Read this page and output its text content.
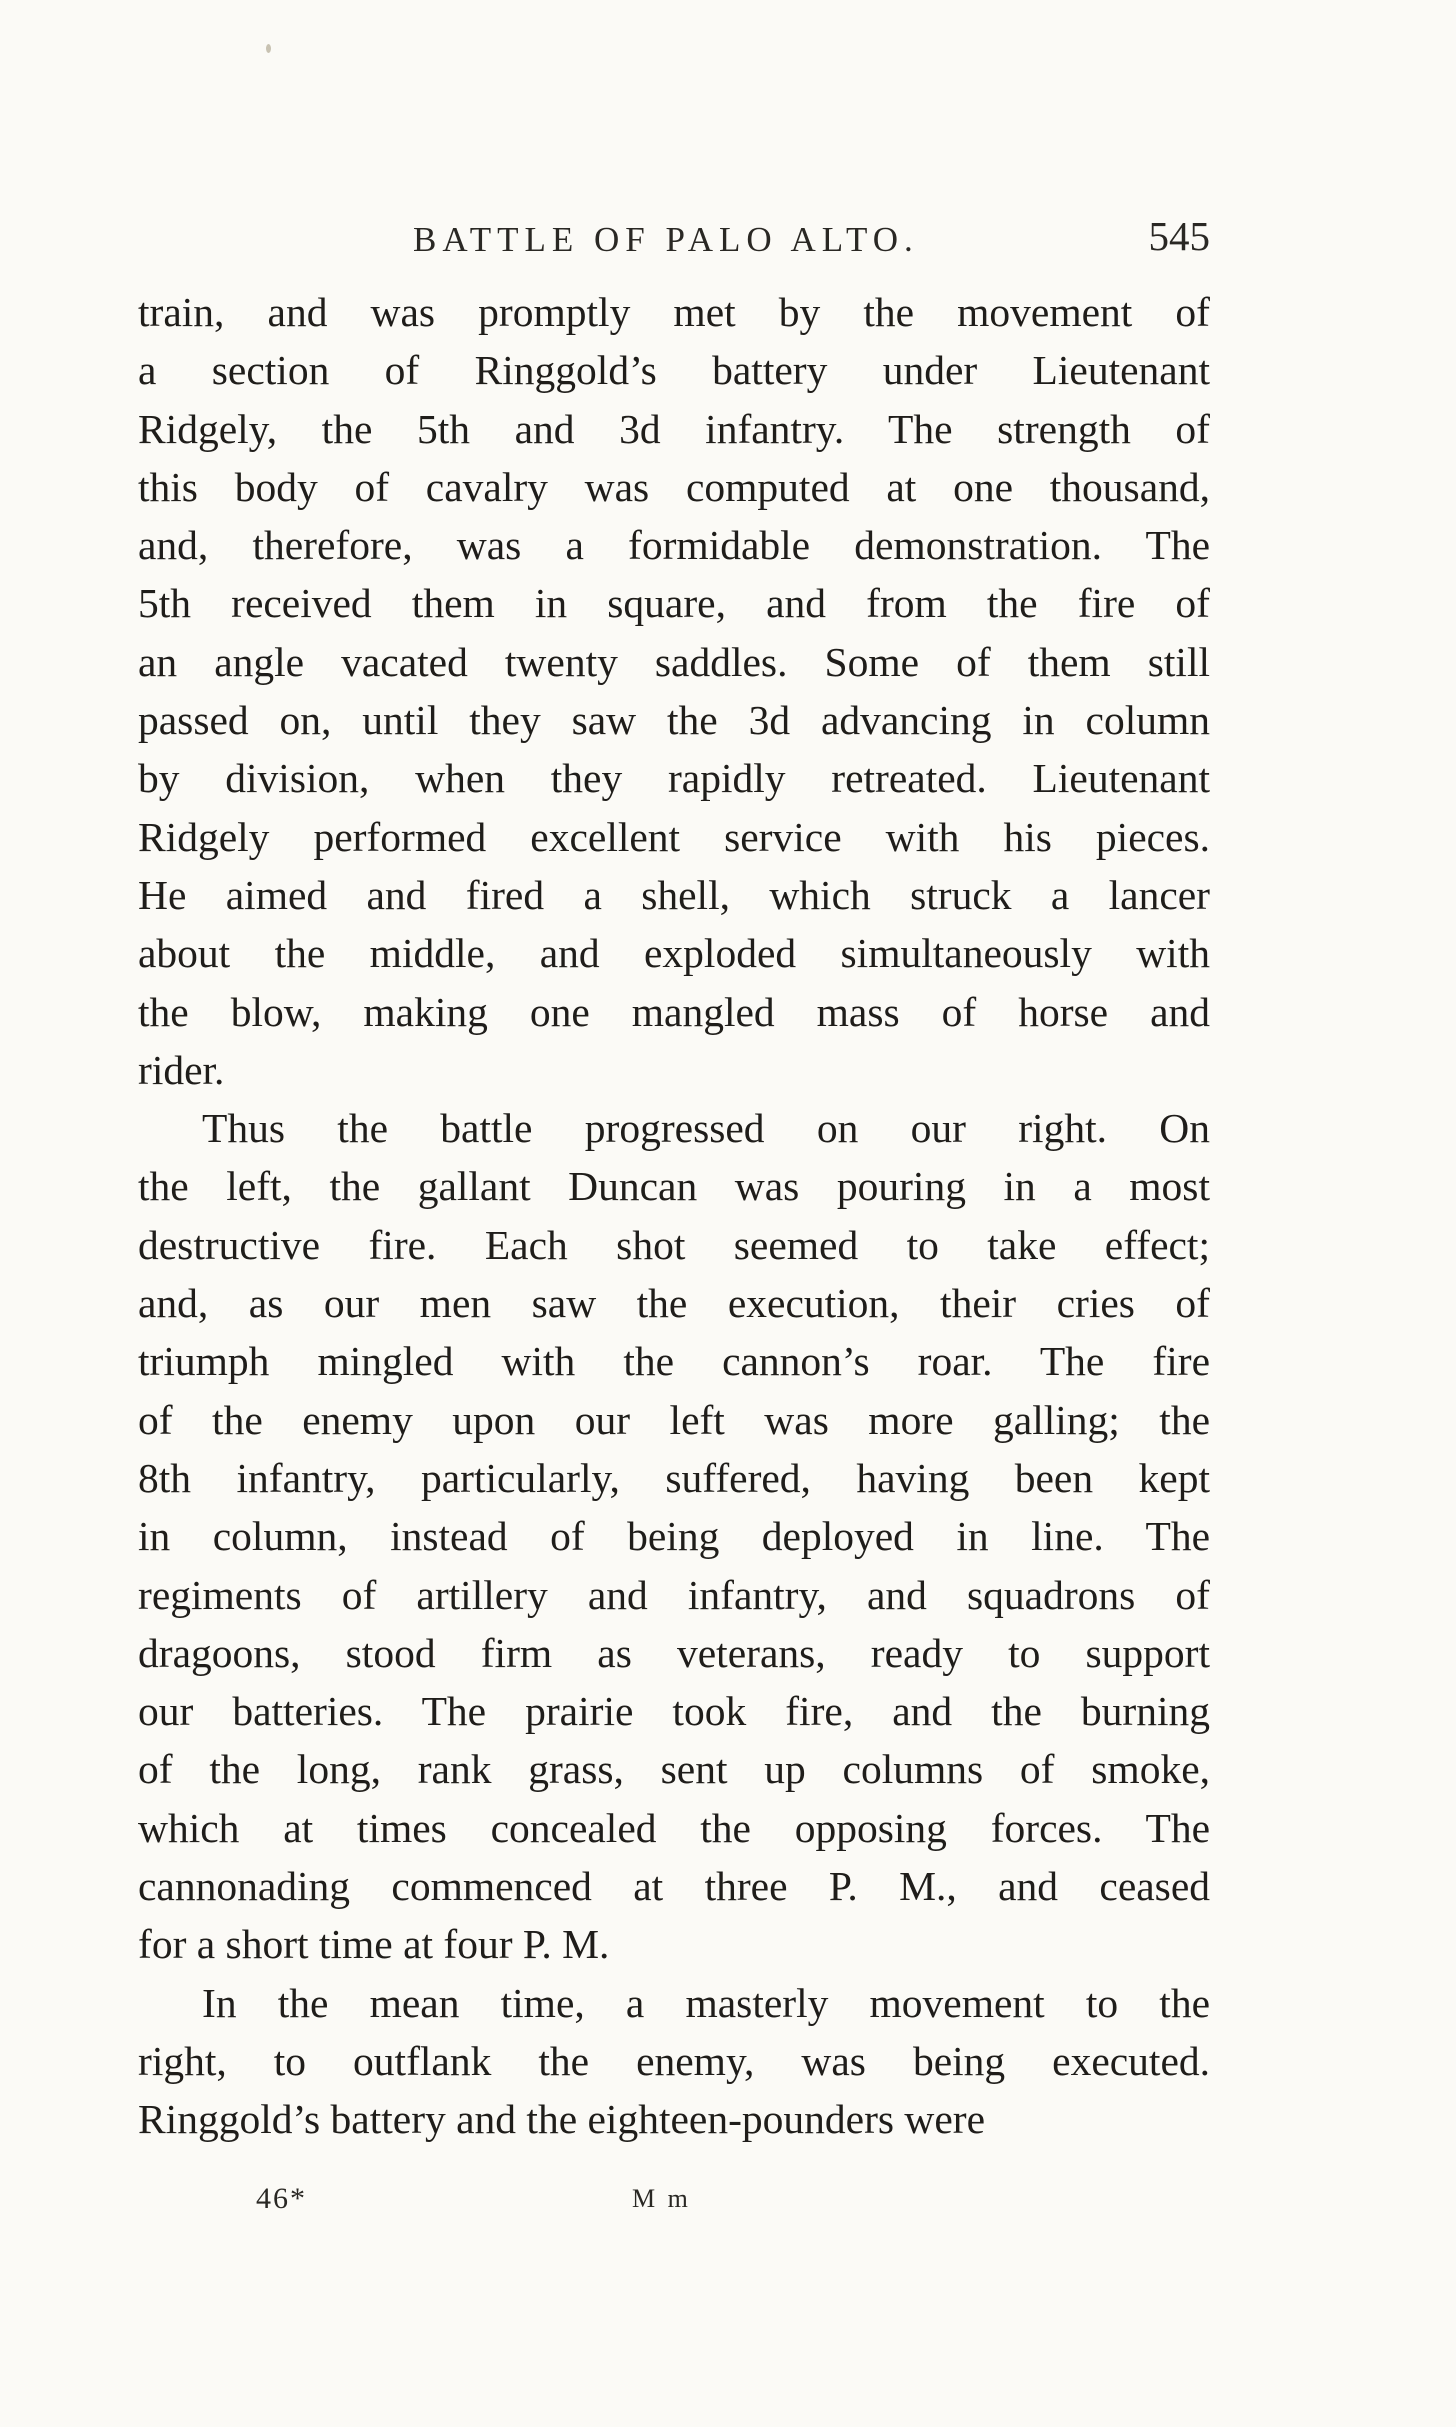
BATTLE OF PALO ALTO.	545
train, and was promptly met by the movement of
a section of Ringgold’s battery under Lieutenant
Ridgely, the 5th and 3d infantry. The strength of
this body of cavalry was computed at one thousand,
and, therefore, was a formidable demonstration. The
5th received them in square, and from the fire of
an angle vacated twenty saddles. Some of them still
passed on, until they saw the 3d advancing in column
by division, when they rapidly retreated. Lieutenant
Ridgely performed excellent service with his pieces.
He aimed and fired a shell, which struck a lancer
about the middle, and exploded simultaneously with
the blow, making one mangled mass of horse and
rider.
Thus the battle progressed on our right. On
the left, the gallant Duncan was pouring in a most
destructive fire. Each shot seemed to take effect;
and, as our men saw the execution, their cries of
triumph mingled with the cannon’s roar. The fire
of the enemy upon our left was more galling; the
8th infantry, particularly, suffered, having been kept
in column, instead of being deployed in line. The
regiments of artillery and infantry, and squadrons of
dragoons, stood firm as veterans, ready to support
our batteries. The prairie took fire, and the burning
of the long, rank grass, sent up columns of smoke,
which at times concealed the opposing forces. The
cannonading commenced at three P. M., and ceased
for a short time at four P. M.
In the mean time, a masterly movement to the
right, to outflank the enemy, was being executed.
Ringgold’s battery and the eighteen-pounders were
46*	M m
